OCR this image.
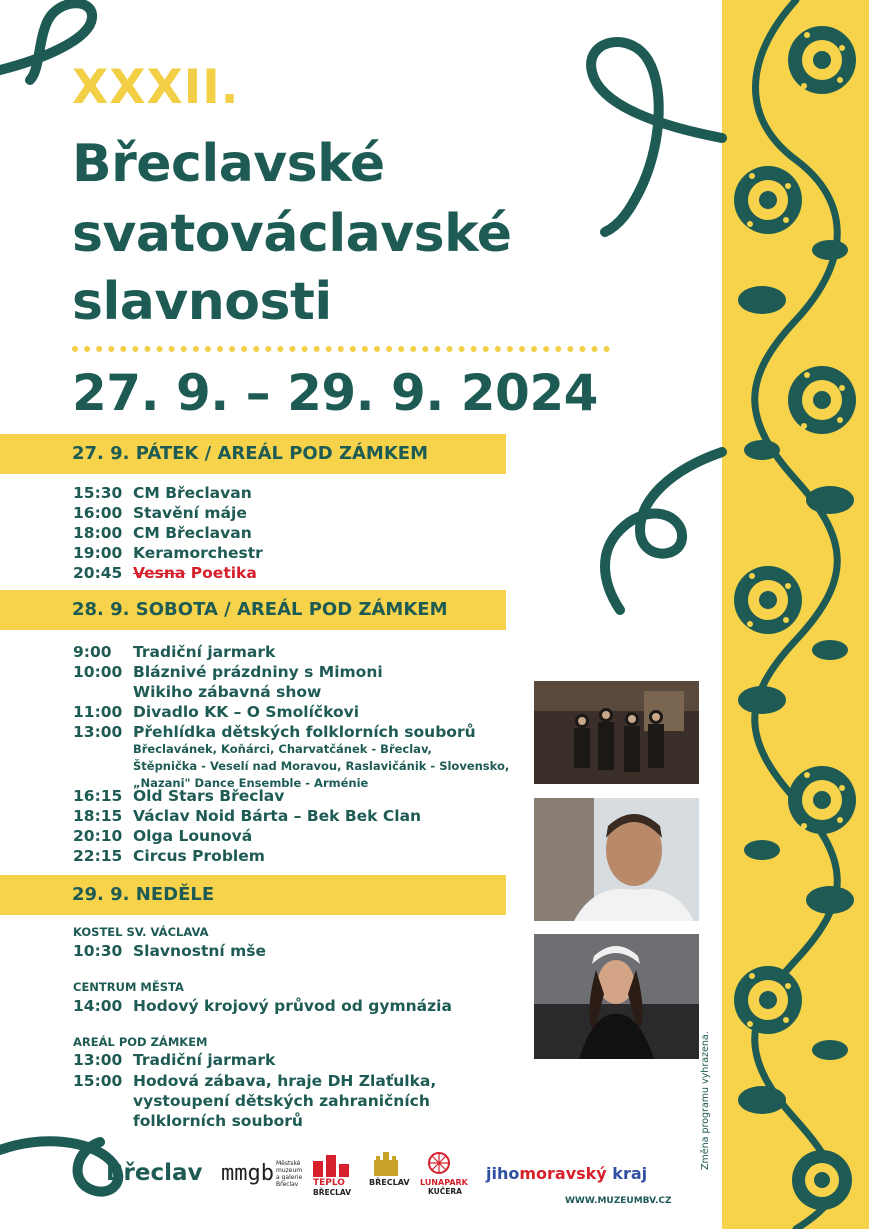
XXXII.
Břeclavské
svatováclavské
slavnosti
27. 9. – 29. 9. 2024
27. 9. PÁTEK / AREÁL POD ZÁMKEM
15:30 CM Břeclavan
16:00 Stavění máje
18:00 CM Břeclavan
19:00 Keramorchestr
20:45 Vesna Poetika
28. 9. SOBOTA / AREÁL POD ZÁMKEM
9:00 Tradiční jarmark
10:00 Bláznivé prázdniny s Mimoni
Wikiho zábavná show
11:00 Divadlo KK – O Smolíčkovi
13:00 Přehlídka dětských folklorních souborů
Břeclavánek, Koňárci, Charvatčánek - Břeclav,
Štěpnička - Veselí nad Moravou, Raslavičánik - Slovensko,
„Nazani" Dance Ensemble - Arménie
16:15 Old Stars Břeclav
18:15 Václav Noid Bárta – Bek Bek Clan
20:10 Olga Lounová
22:15 Circus Problem
29. 9. NEDĚLE
KOSTEL SV. VÁCLAVA
10:30 Slavnostní mše
CENTRUM MĚSTA
14:00 Hodový krojový průvod od gymnázia
AREÁL POD ZÁMKEM
13:00 Tradiční jarmark
15:00 Hodová zábava, hraje DH Zlaťulka,
vystoupení dětských zahraničních
folklorních souborů	Změna programu vyhrazena.
Břeclav mmgb Městské
muzeum
a galerie
Břeclav	TEPLO
BŘECLAV
BŘECLAV LUNAPARK
KUČERA
jihomoravský kraj
WWW.MUZEUMBV.CZ
